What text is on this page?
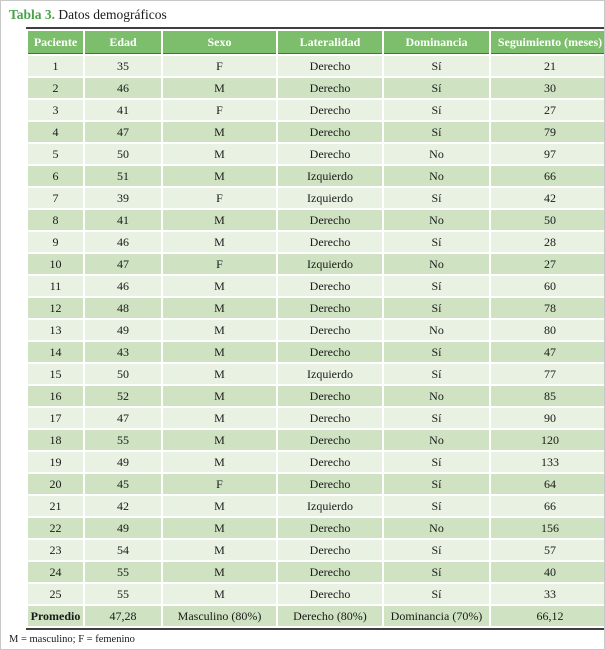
Tabla 3. Datos demográficos

Paciente	Edad	Sexo	Lateralidad	Dominancia	Seguimiento (meses)
1	35	F	Derecho	Sí	21
2	46	M	Derecho	Sí	30
3	41	F	Derecho	Sí	27
4	47	M	Derecho	Sí	79
5	50	M	Derecho	No	97
6	51	M	Izquierdo	No	66
7	39	F	Izquierdo	Sí	42
8	41	M	Derecho	No	50
9	46	M	Derecho	Sí	28
10	47	F	Izquierdo	No	27
11	46	M	Derecho	Sí	60
12	48	M	Derecho	Sí	78
13	49	M	Derecho	No	80
14	43	M	Derecho	Sí	47
15	50	M	Izquierdo	Sí	77
16	52	M	Derecho	No	85
17	47	M	Derecho	Sí	90
18	55	M	Derecho	No	120
19	49	M	Derecho	Sí	133
20	45	F	Derecho	Sí	64
21	42	M	Izquierdo	Sí	66
22	49	M	Derecho	No	156
23	54	M	Derecho	Sí	57
24	55	M	Derecho	Sí	40
25	55	M	Derecho	Sí	33
Promedio	47,28	Masculino (80%)	Derecho (80%)	Dominancia (70%)	66,12

M = masculino; F = femenino
